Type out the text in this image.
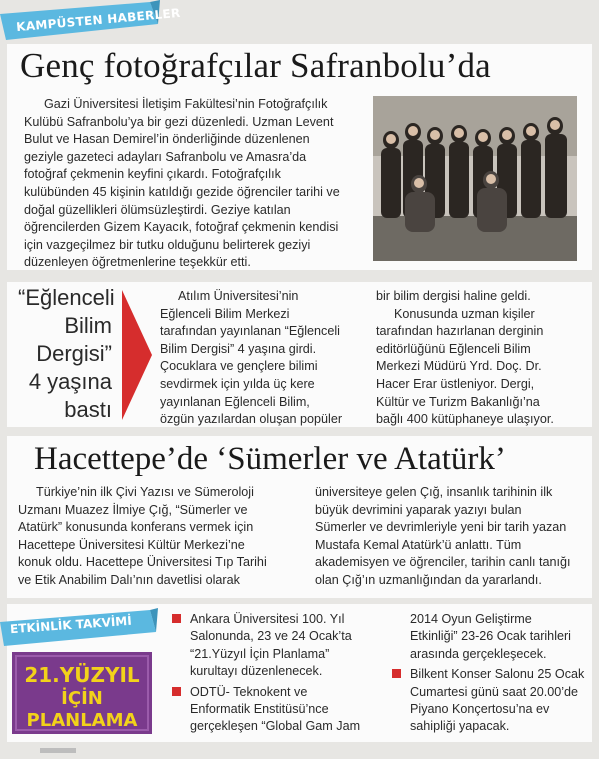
KAMPÜSTEN HABERLER
Genç fotoğrafçılar Safranbolu’da
Gazi Üniversitesi İletişim Fakültesi’nin Fotoğrafçılık
Kulübü Safranbolu’ya bir gezi düzenledi. Uzman Levent
Bulut ve Hasan Demirel’in önderliğinde düzenlenen
geziyle gazeteci adayları Safranbolu ve Amasra’da
fotoğraf çekmenin keyfini çıkardı. Fotoğrafçılık
kulübünden 45 kişinin katıldığı gezide öğrenciler tarihi ve
doğal güzellikleri ölümsüzleştirdi. Geziye katılan
öğrencilerden Gizem Kayacık, fotoğraf çekmenin kendisi
için vazgeçilmez bir tutku olduğunu belirterek geziyi
düzenleyen öğretmenlerine teşekkür etti.
“Eğlenceli
Bilim
Dergisi”
4 yaşına
bastı
Atılım Üniversitesi’nin
Eğlenceli Bilim Merkezi
tarafından yayınlanan “Eğlenceli
Bilim Dergisi” 4 yaşına girdi.
Çocuklara ve gençlere bilimi
sevdirmek için yılda üç kere
yayınlanan Eğlenceli Bilim,
özgün yazılardan oluşan popüler
bir bilim dergisi haline geldi.
Konusunda uzman kişiler
tarafından hazırlanan derginin
editörlüğünü Eğlenceli Bilim
Merkezi Müdürü Yrd. Doç. Dr.
Hacer Erar üstleniyor. Dergi,
Kültür ve Turizm Bakanlığı’na
bağlı 400 kütüphaneye ulaşıyor.
Hacettepe’de ‘Sümerler ve Atatürk’
Türkiye’nin ilk Çivi Yazısı ve Sümeroloji
Uzmanı Muazez İlmiye Çığ, “Sümerler ve
Atatürk” konusunda konferans vermek için
Hacettepe Üniversitesi Kültür Merkezi’ne
konuk oldu. Hacettepe Üniversitesi Tıp Tarihi
ve Etik Anabilim Dalı’nın davetlisi olarak
üniversiteye gelen Çığ, insanlık tarihinin ilk
büyük devrimini yaparak yazıyı bulan
Sümerler ve devrimleriyle yeni bir tarih yazan
Mustafa Kemal Atatürk’ü anlattı. Tüm
akademisyen ve öğrenciler, tarihin canlı tanığı
olan Çığ’ın uzmanlığından da yararlandı.
ETKİNLİK TAKVİMİ
21.YÜZYIL
İÇİN
PLANLAMA
Ankara Üniversitesi 100. Yıl
Salonunda, 23 ve 24 Ocak’ta
“21.Yüzyıl İçin Planlama”
kurultayı düzenlenecek.
ODTÜ- Teknokent ve
Enformatik Enstitüsü’nce
gerçekleşen “Global Gam Jam
2014 Oyun Geliştirme
Etkinliği” 23-26 Ocak tarihleri
arasında gerçekleşecek.
Bilkent Konser Salonu 25 Ocak
Cumartesi günü saat 20.00’de
Piyano Konçertosu’na ev
sahipliği yapacak.
